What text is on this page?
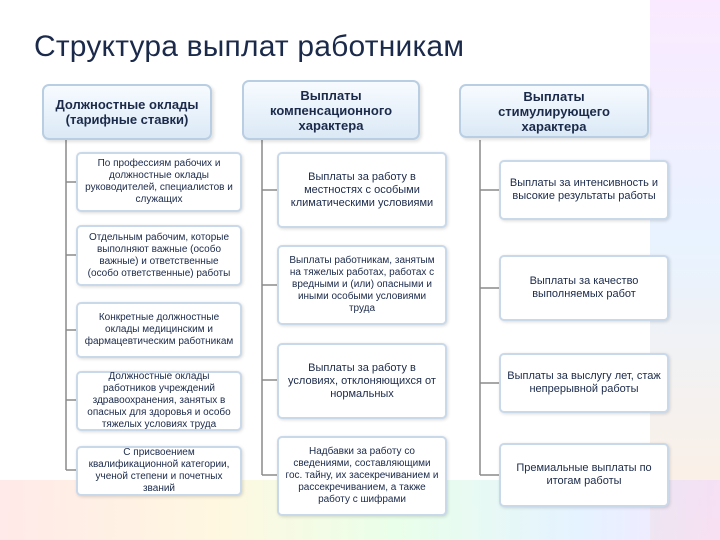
Структура выплат работникам
Должностные оклады (тарифные ставки)
По профессиям рабочих и должностные оклады руководителей, специалистов и служащих
Отдельным рабочим, которые выполняют важные (особо важные) и ответственные (особо ответственные) работы
Конкретные должностные оклады медицинским и фармацевтическим работникам
Должностные оклады работников учреждений здравоохранения, занятых в опасных для здоровья и особо тяжелых условиях труда
С присвоением квалификационной категории, ученой степени и почетных званий
Выплаты компенсационного характера
Выплаты за работу в местностях с особыми климатическими условиями
Выплаты работникам, занятым на тяжелых работах, работах с вредными и (или) опасными и иными особыми условиями труда
Выплаты за работу в условиях, отклоняющихся от нормальных
Надбавки за работу со сведениями, составляющими гос. тайну, их засекречиванием и рассекречиванием, а также работу с шифрами
Выплаты стимулирующего характера
Выплаты за интенсивность и высокие результаты работы
Выплаты за качество выполняемых работ
Выплаты за выслугу лет, стаж непрерывной работы
Премиальные выплаты по итогам работы
